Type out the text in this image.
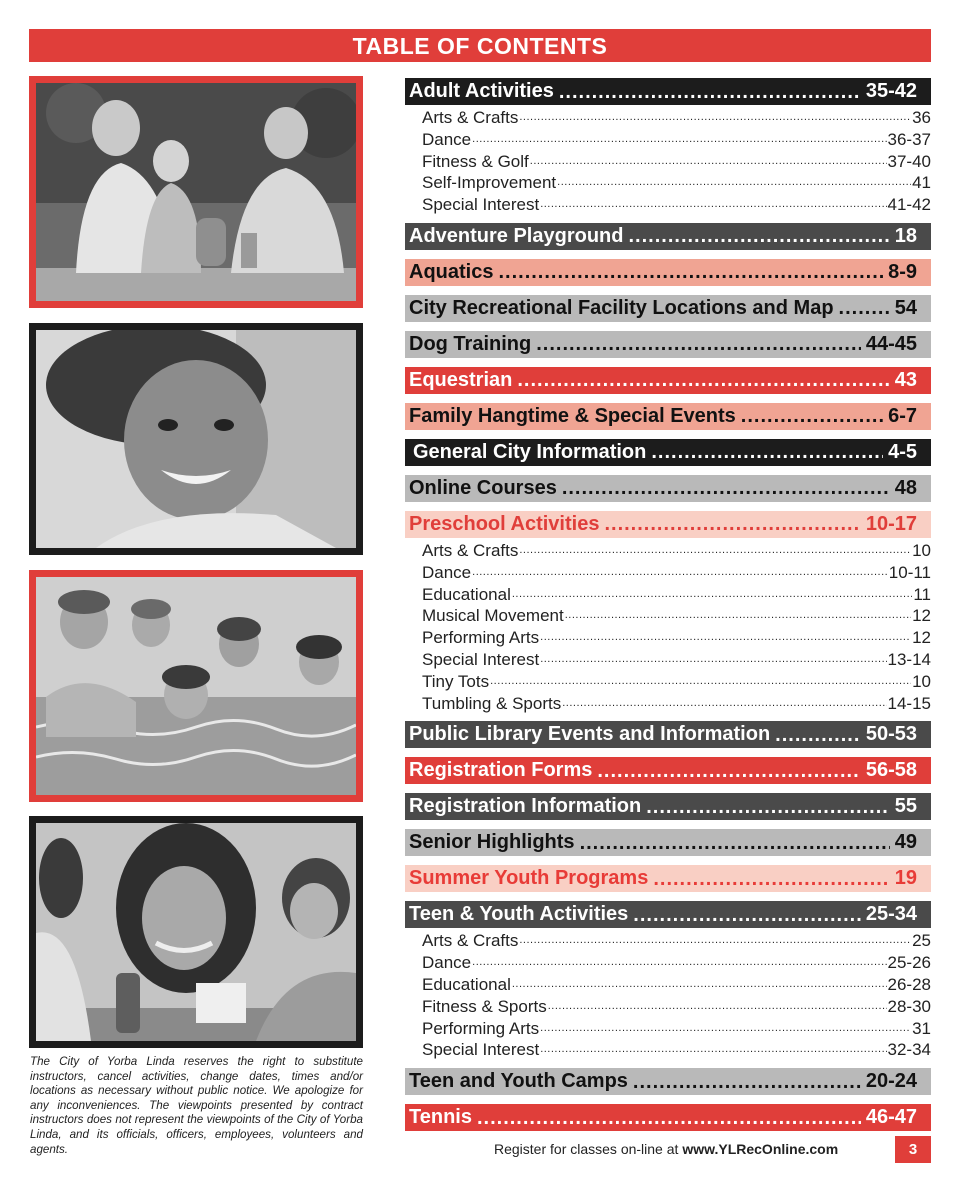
TABLE OF CONTENTS
The City of Yorba Linda reserves the right to substitute instructors, cancel activities, change dates, times and/or locations as necessary without public notice. We apologize for any inconveniences. The viewpoints presented by contract instructors does not represent the viewpoints of the City of Yorba Linda, and its officials, officers, employees, volunteers and agents.
Adult Activities .....	35-42
Arts & Crafts .....	36
Dance .....	36-37
Fitness & Golf .....	37-40
Self-Improvement .....	41
Special Interest .....	41-42
Adventure Playground .....	18
Aquatics .....	8-9
City Recreational Facility Locations and Map .....	54
Dog Training .....	44-45
Equestrian .....	43
Family Hangtime & Special Events .....	6-7
General City Information .....	4-5
Online Courses .....	48
Preschool Activities .....	10-17
Arts & Crafts .....	10
Dance .....	10-11
Educational .....	11
Musical Movement .....	12
Performing Arts .....	12
Special Interest .....	13-14
Tiny Tots .....	10
Tumbling & Sports .....	14-15
Public Library Events and Information .....	50-53
Registration Forms .....	56-58
Registration Information .....	55
Senior Highlights .....	49
Summer Youth Programs .....	19
Teen & Youth Activities .....	25-34
Arts & Crafts .....	25
Dance .....	25-26
Educational .....	26-28
Fitness & Sports .....	28-30
Performing Arts .....	31
Special Interest .....	32-34
Teen and Youth Camps .....	20-24
Tennis .....	46-47
Register for classes on-line at www.YLRecOnline.com	3
